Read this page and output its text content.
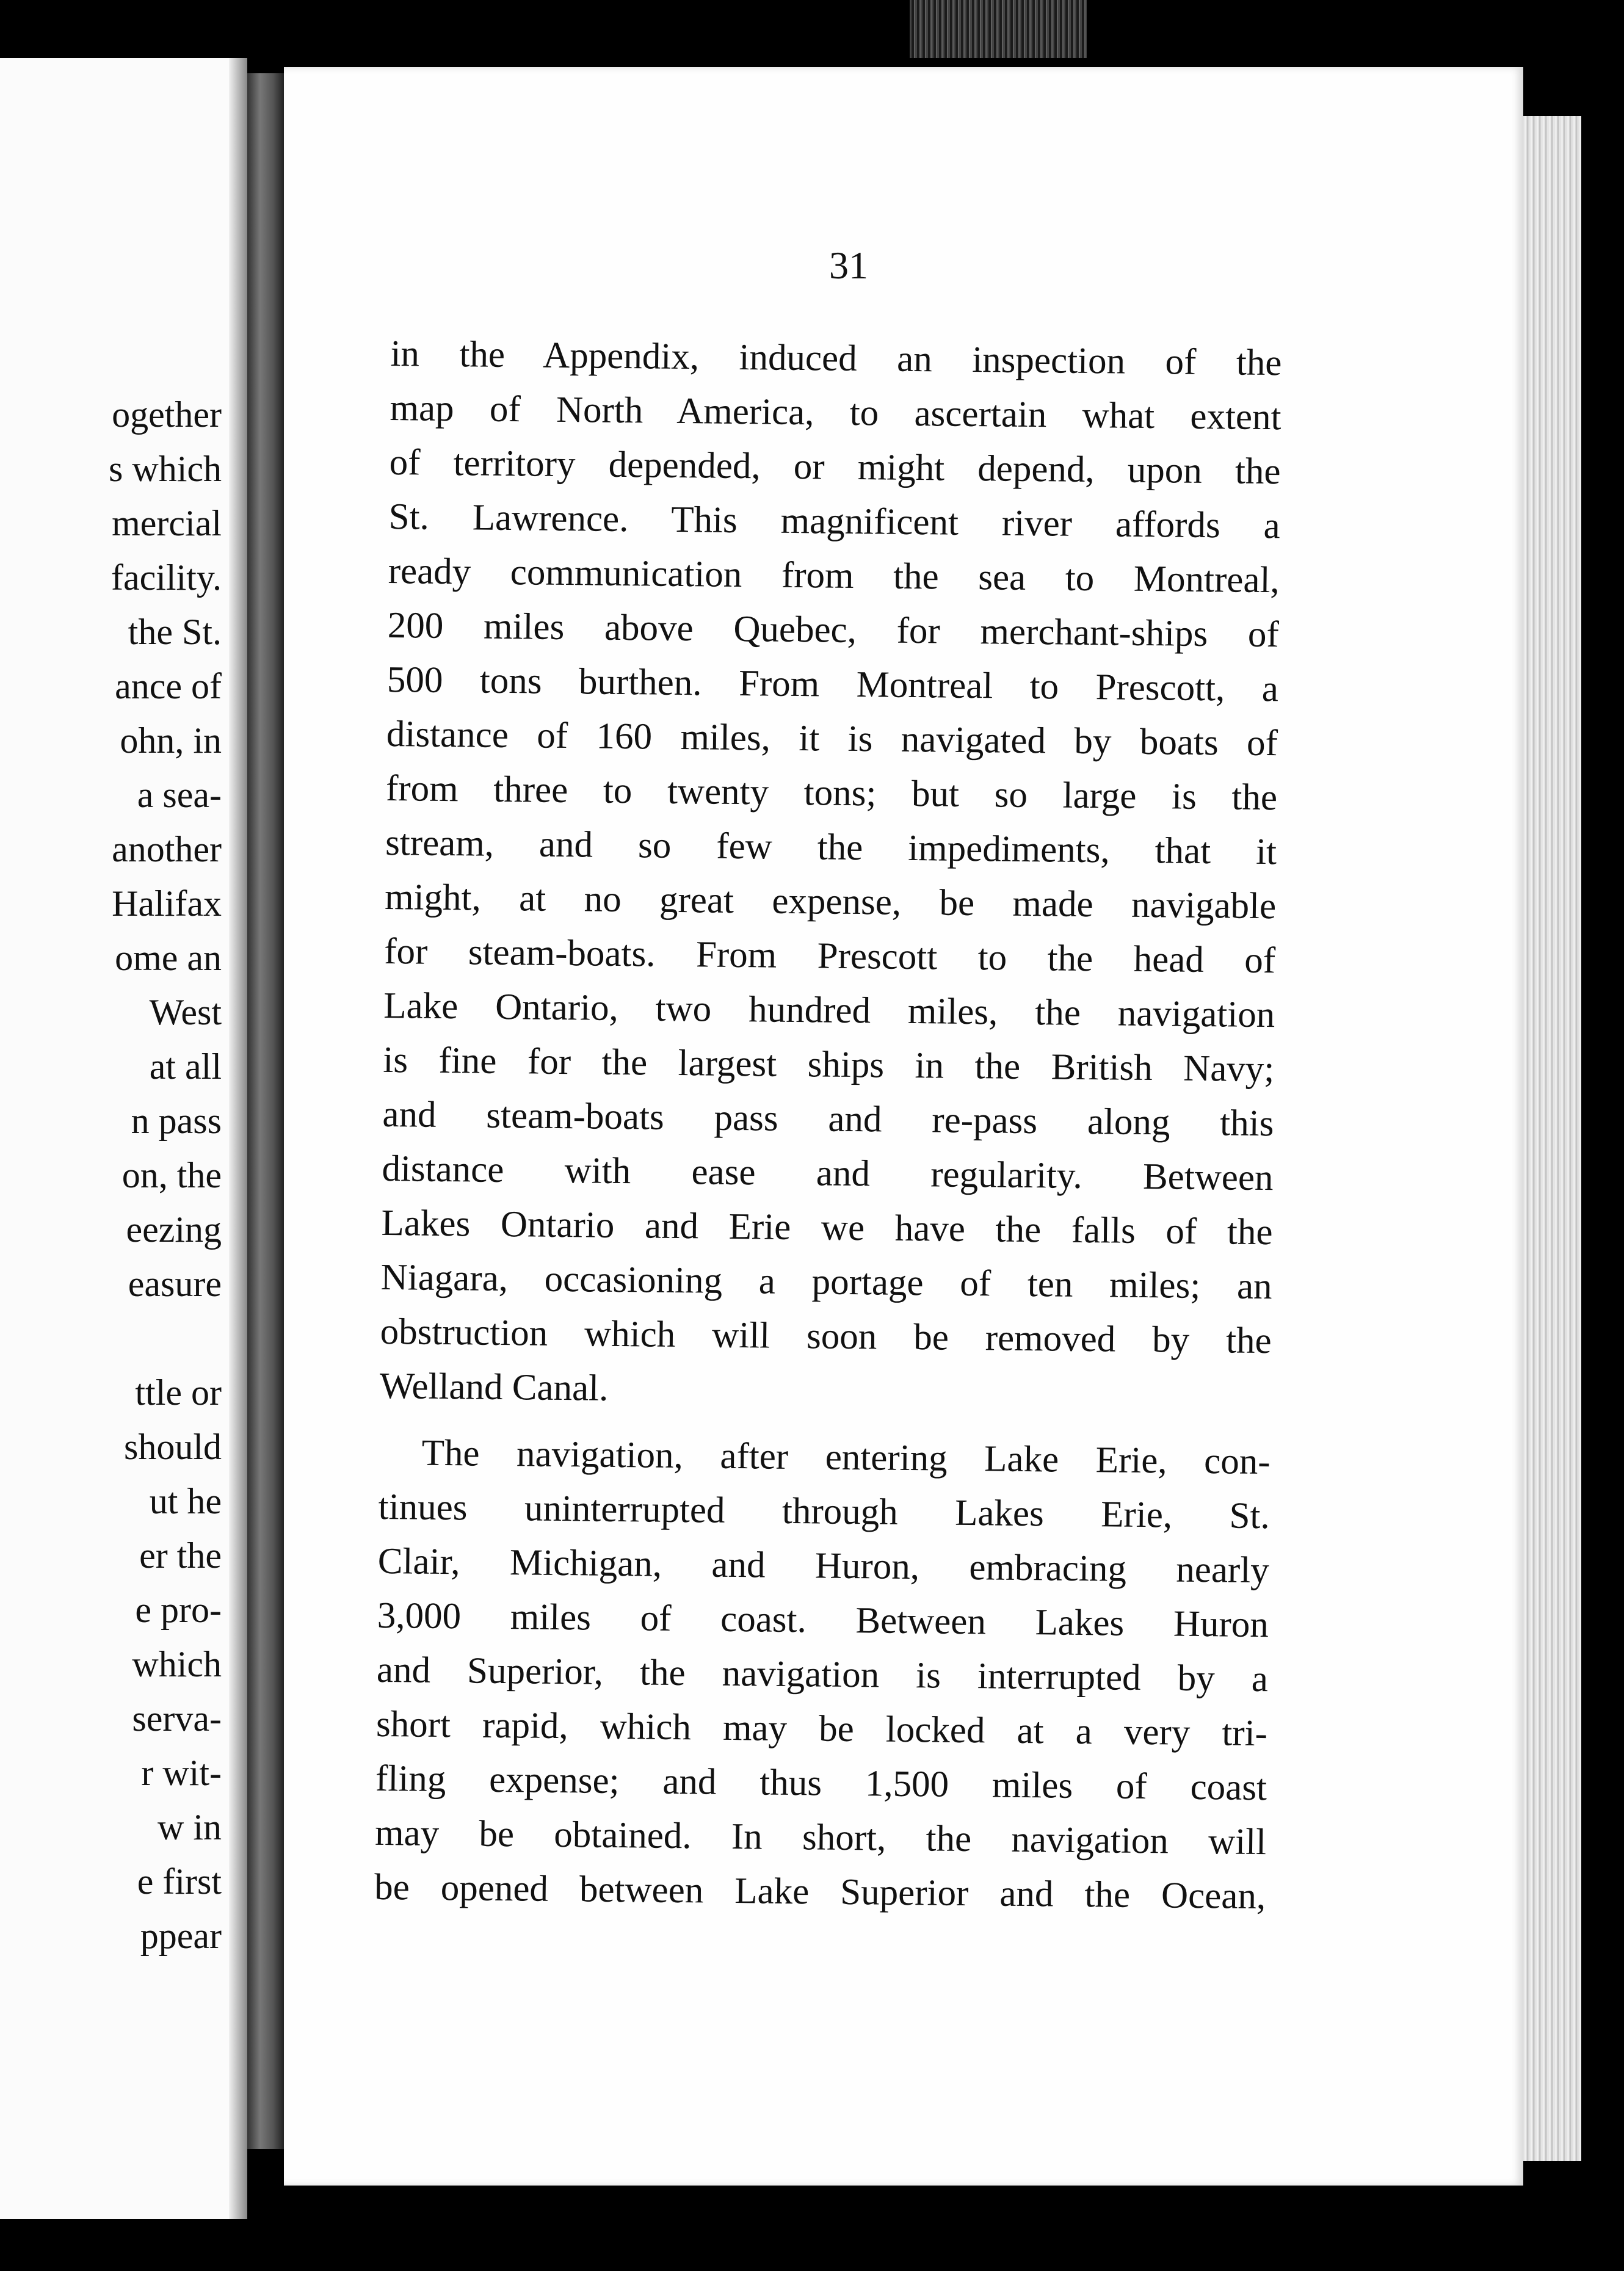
ogether
s which
mercial
facility.
the St.
ance of
ohn, in
a sea-
another
Halifax
ome an
West
at all
n pass
on, the
eezing
easure
ttle or
should
ut he
er the
e pro-
which
serva-
r wit-
w in
e first
ppear
31
in the Appendix, induced an inspection of the
map of North America, to ascertain what extent
of territory depended, or might depend, upon the
St. Lawrence. This magnificent river affords a
ready communication from the sea to Montreal,
200 miles above Quebec, for merchant-ships of
500 tons burthen. From Montreal to Prescott, a
distance of 160 miles, it is navigated by boats of
from three to twenty tons; but so large is the
stream, and so few the impediments, that it
might, at no great expense, be made navigable
for steam-boats. From Prescott to the head of
Lake Ontario, two hundred miles, the navigation
is fine for the largest ships in the British Navy;
and steam-boats pass and re-pass along this
distance with ease and regularity. Between
Lakes Ontario and Erie we have the falls of the
Niagara, occasioning a portage of ten miles; an
obstruction which will soon be removed by the
Welland Canal.
The navigation, after entering Lake Erie, con-
tinues uninterrupted through Lakes Erie, St.
Clair, Michigan, and Huron, embracing nearly
3,000 miles of coast. Between Lakes Huron
and Superior, the navigation is interrupted by a
short rapid, which may be locked at a very tri-
fling expense; and thus 1,500 miles of coast
may be obtained. In short, the navigation will
be opened between Lake Superior and the Ocean,
